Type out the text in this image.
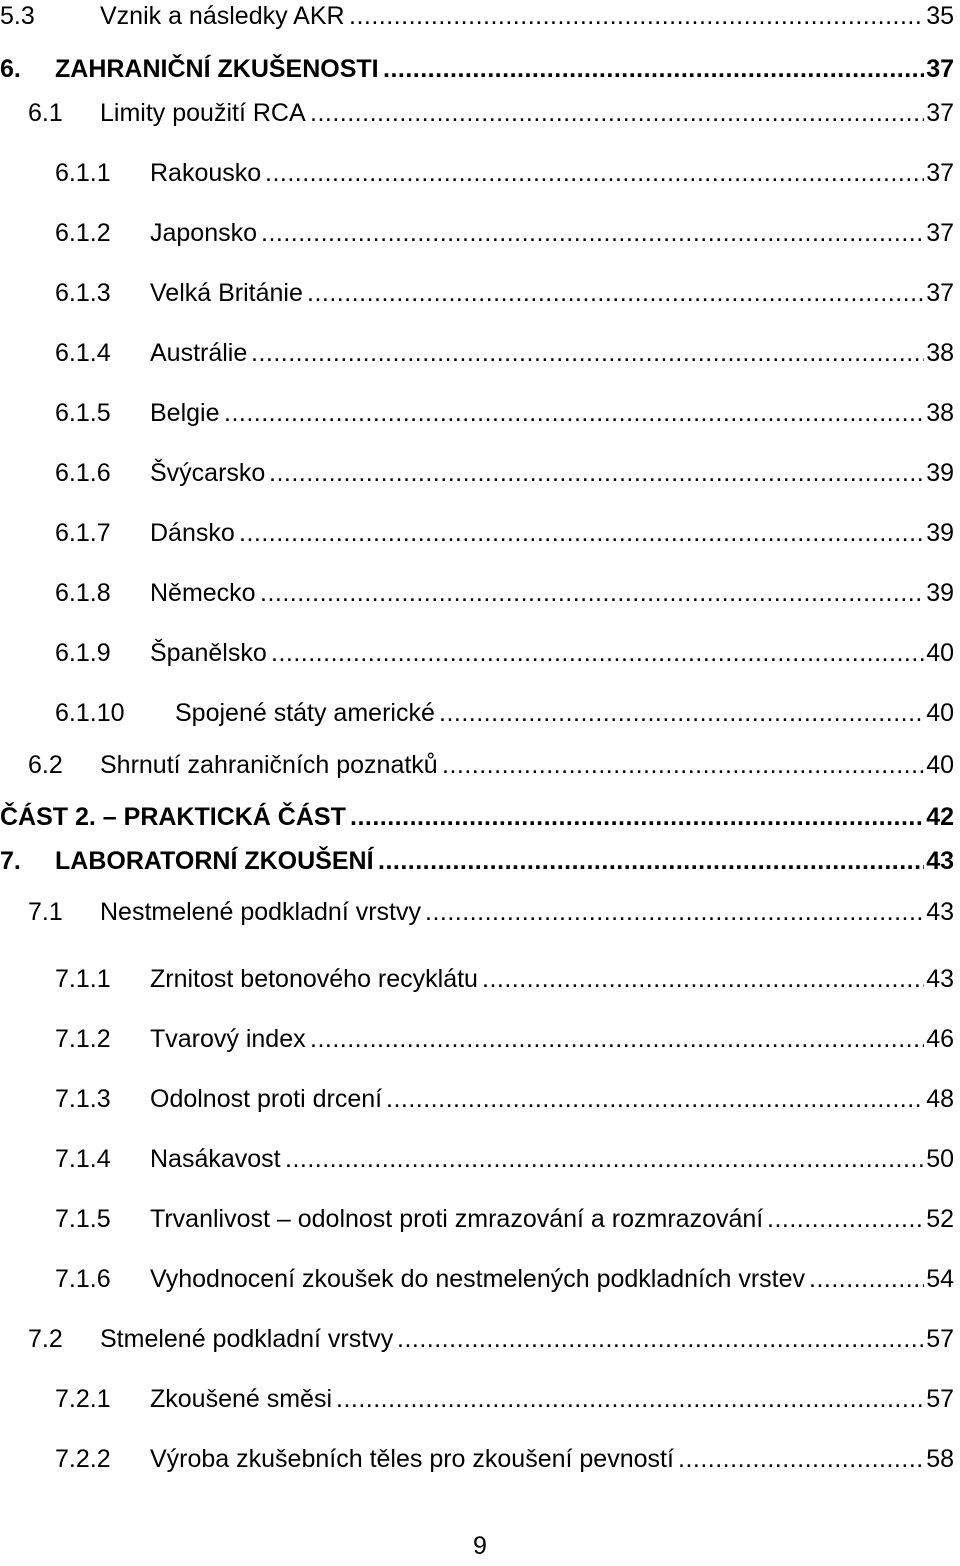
5.3	Vznik a následky AKR .....	35
6. ZAHRANIČNÍ ZKUŠENOSTI .....	37
6.1 Limity použití RCA .....	37
6.1.1 Rakousko .....	37
6.1.2 Japonsko .....	37
6.1.3 Velká Británie .....	37
6.1.4 Austrálie .....	38
6.1.5 Belgie .....	38
6.1.6 Švýcarsko .....	39
6.1.7 Dánsko .....	39
6.1.8 Německo .....	39
6.1.9 Španělsko .....	40
6.1.10 Spojené státy americké .....	40
6.2 Shrnutí zahraničních poznatků .....	40
ČÁST 2. – PRAKTICKÁ ČÁST .....	42
7. LABORATORNÍ ZKOUŠENÍ .....	43
7.1 Nestmelené podkladní vrstvy .....	43
7.1.1 Zrnitost betonového recyklátu .....	43
7.1.2 Tvarový index .....	46
7.1.3 Odolnost proti drcení .....	48
7.1.4 Nasákavost .....	50
7.1.5 Trvanlivost – odolnost proti zmrazování a rozmrazování .....	52
7.1.6 Vyhodnocení zkoušek do nestmelených podkladních vrstev .....	54
7.2 Stmelené podkladní vrstvy .....	57
7.2.1 Zkoušené směsi .....	57
7.2.2 Výroba zkušebních těles pro zkoušení pevností .....	58
9
